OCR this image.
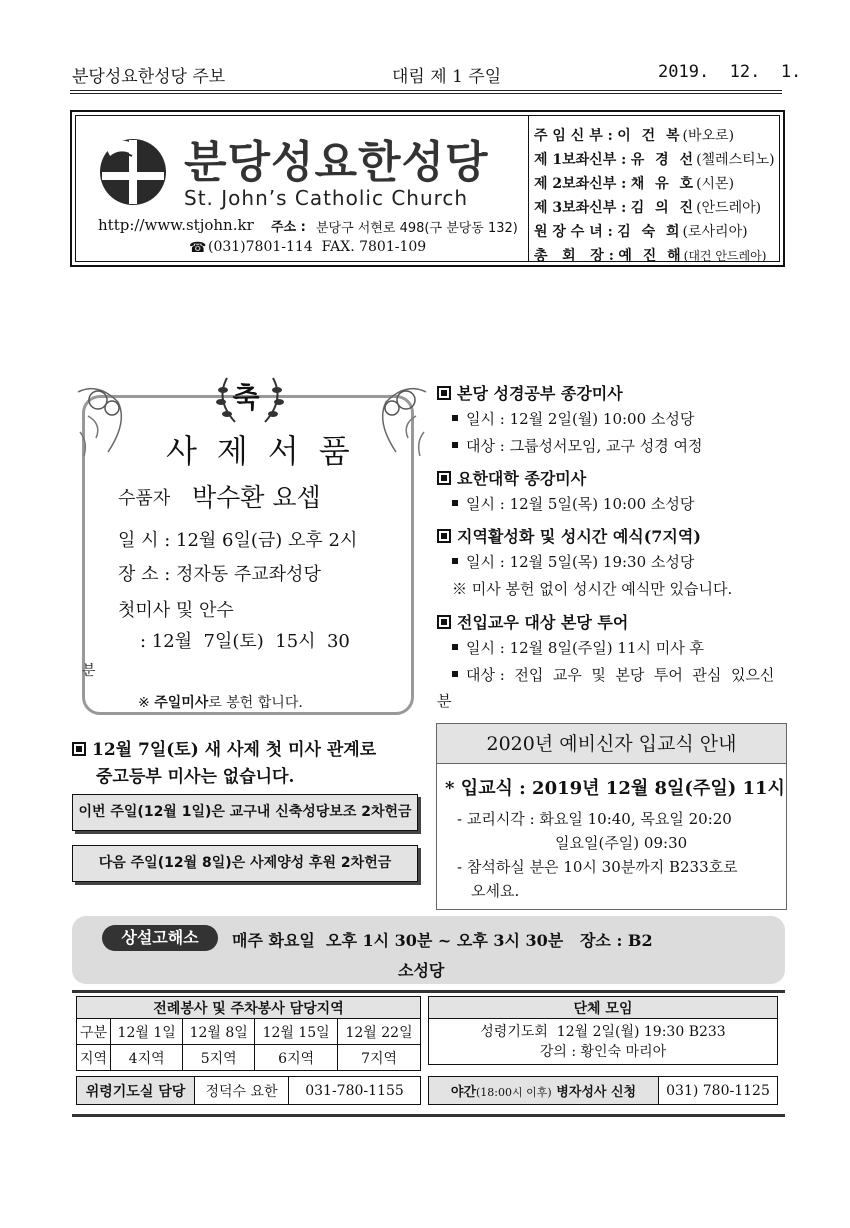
분당성요한성당 주보	대림 제 1 주일	2019.  12.  1.
분당성요한성당
St. John’s Catholic Church
http://www.stjohn.kr 주소 : 분당구 서현로 498(구 분당동 132)
☎ (031)7801-114  FAX. 7801-109
주 임 신 부 : 이 건 복(바오로)
제 1보좌신부 : 유 경 선(첼레스티노)
제 2보좌신부 : 채 유 호(시몬)
제 3보좌신부 : 김 의 진(안드레아)
원 장 수 녀 : 김 숙 희(로사리아)
총   회   장 : 예 진 해(대건 안드레아)
축
사제서품
수품자 박수환 요셉
일 시 : 12월 6일(금) 오후 2시
장 소 : 정자동 주교좌성당
첫미사 및 안수
: 12월  7일(토)  15시  30
분
※ 주일미사로 봉헌 합니다.
본당 성경공부 종강미사
일시 : 12월 2일(월) 10:00 소성당
대상 : 그룹성서모임, 교구 성경 여정
요한대학 종강미사
일시 : 12월 5일(목) 10:00 소성당
지역활성화 및 성시간 예식(7지역)
일시 : 12월 5일(목) 19:30 소성당
※ 미사 봉헌 없이 성시간 예식만 있습니다.
전입교우 대상 본당 투어
일시 : 12월 8일(주일) 11시 미사 후
대상 :  전입  교우  및  본당  투어  관심  있으신
분
12월 7일(토) 새 사제 첫 미사 관계로
중고등부 미사는 없습니다.
이번 주일(12월 1일)은 교구내 신축성당보조 2차헌금
다음 주일(12월 8일)은 사제양성 후원 2차헌금
2020년 예비신자 입교식 안내
* 입교식 : 2019년 12월 8일(주일) 11시
- 교리시각 : 화요일 10:40, 목요일 20:20
일요일(주일) 09:30
- 참석하실 분은 10시 30분까지 B233호로
오세요.
상설고해소	매주 화요일  오후 1시 30분 ~ 오후 3시 30분   장소 : B2
소성당
전례봉사 및 주차봉사 담당지역				
구분	12월 1일	12월 8일	12월 15일	12월 22일
지역	4지역	5지역	6지역	7지역
위령기도실 담당	정덕수 요한	031-780-1155
단체 모임

성령기도회  12월 2일(월) 19:30 B233
강의 : 황인숙 마리아
야간(18:00시 이후) 병자성사 신청	031) 780-1125
